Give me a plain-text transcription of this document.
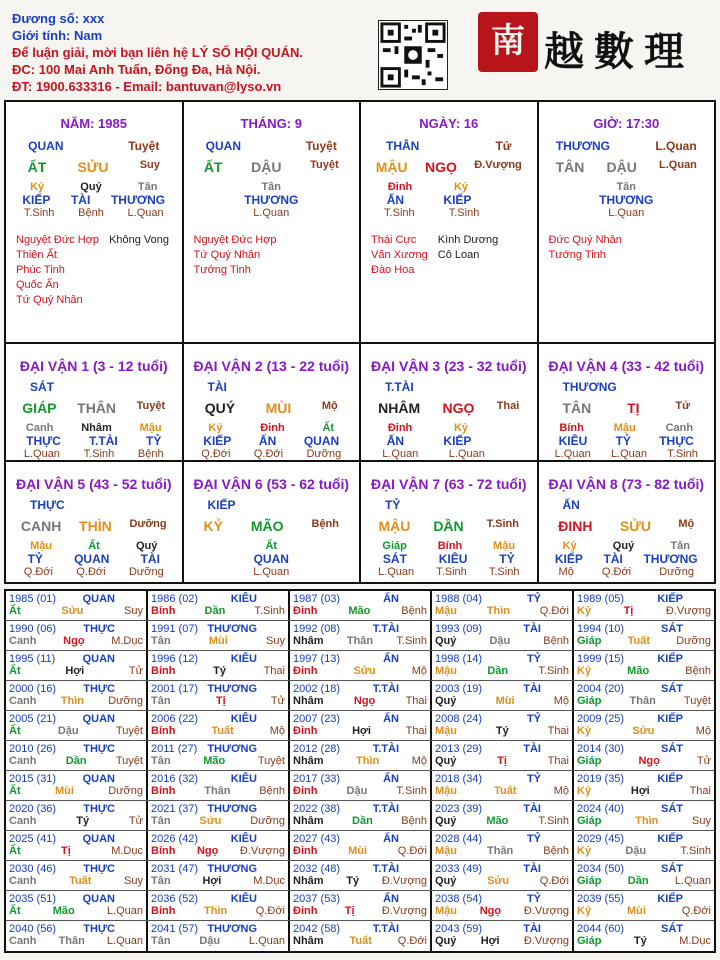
Đương số: xxx
Giới tính: Nam
Để luận giải, mời bạn liên hệ LÝ SỐ HỘI QUÁN.
ĐC: 100 Mai Anh Tuấn, Đống Đa, Hà Nội.
ĐT: 1900.633316 - Email: bantuvan@lyso.vn
南 越數理
NĂM: 1985
QUAN	Tuyệt
ẤT SỬU	Suy
Kỷ	Quý	Tân
KIẾP TÀI THƯƠNG
T.Sinh Bệnh L.Quan
Nguyệt Đức Hợp
Thiên Ất
Phúc Tinh
Quốc Ấn
Tứ Quý Nhân
Không Vong
THÁNG: 9
QUAN	Tuyệt
ẤT DẬU	Tuyệt
Tân
THƯƠNG
L.Quan
Nguyệt Đức Hợp
Tứ Quý Nhân
Tướng Tinh
NGÀY: 16
THÂN	Tử
MẬU NGỌ Đ.Vượng
Đinh	Kỷ
ẤN	KIẾP
T.Sinh	T.Sinh
Thái Cực
Văn Xương
Đào Hoa
Kình Dương
Cô Loan
GIỜ: 17:30
THƯƠNG	L.Quan
TÂN DẬU L.Quan
Tân
THƯƠNG
L.Quan
Đức Quý Nhân
Tướng Tinh
ĐẠI VẬN 1 (3 - 12 tuổi)
SÁT
GIÁP THÂN Tuyệt
Canh	Nhâm	Mậu
THỰC T.TÀI TỶ
L.Quan T.Sinh Bệnh
ĐẠI VẬN 2 (13 - 22 tuổi)
TÀI
QUÝ MÙI	Mộ
Kỷ	Đinh	Ất
KIẾP ẤN QUAN
Q.Đới Q.Đới Dưỡng
ĐẠI VẬN 3 (23 - 32 tuổi)
T.TÀI
NHÂM NGỌ Thai
Đinh	Kỷ
ẤN	KIẾP
L.Quan	L.Quan
ĐẠI VẬN 4 (33 - 42 tuổi)
THƯƠNG
TÂN	TỊ	Tử
Bính	Mậu	Canh
KIÊU TỶ THỰC
L.Quan L.Quan T.Sinh
ĐẠI VẬN 5 (43 - 52 tuổi)
THỰC
CANH THÌN Dưỡng
Mậu	Ất	Quý
TỶ	QUAN	TÀI
Q.Đới Q.Đới Dưỡng
ĐẠI VẬN 6 (53 - 62 tuổi)
KIẾP
KỶ MÃO	Bệnh
Ất
QUAN
L.Quan
ĐẠI VẬN 7 (63 - 72 tuổi)
TỶ
MẬU DẦN T.Sinh
Giáp	Bính	Mậu
SÁT	KIÊU	TỶ
L.Quan T.Sinh T.Sinh
ĐẠI VẬN 8 (73 - 82 tuổi)
ẤN
ĐINH SỬU Mộ
Kỷ	Quý	Tân
KIẾP TÀI THƯƠNG
Mộ	Q.Đới	Dưỡng
1985 (01) QUAN
Ất	Sửu	Suy
1986 (02)	KIÊU
Bính	Dần	T.Sinh
1987 (03)	ẤN
Đinh	Mão	Bệnh
1988 (04)	TỶ
Mậu	Thìn	Q.Đới
1989 (05)	KIẾP
Kỷ	Tị	Đ.Vượng
1990 (06) THỰC
Canh Ngọ M.Dục
1991 (07) THƯƠNG
Tân	Mùi	Suy
1992 (08)	T.TÀI
Nhâm Thân T.Sinh
1993 (09)	TÀI
Quý	Dậu	Bệnh
1994 (10)	SÁT
Giáp Tuất Dưỡng
1995 (11) QUAN
Ất	Hợi	Tử
1996 (12)	KIÊU
Bính	Tý	Thai
1997 (13)	ẤN
Đinh	Sửu	Mộ
1998 (14)	TỶ
Mậu	Dần	T.Sinh
1999 (15)	KIẾP
Kỷ	Mão	Bệnh
2000 (16) THỰC
Canh Thìn Dưỡng
2001 (17) THƯƠNG
Tân	Tị	Tử
2002 (18)	T.TÀI
Nhâm	Ngọ	Thai
2003 (19)	TÀI
Quý	Mùi	Mộ
2004 (20)	SÁT
Giáp	Thân	Tuyệt
2005 (21) QUAN
Ất	Dậu	Tuyệt
2006 (22)	KIÊU
Bính	Tuất	Mộ
2007 (23)	ẤN
Đinh	Hợi	Thai
2008 (24)	TỶ
Mậu	Tý	Thai
2009 (25)	KIẾP
Kỷ	Sửu	Mộ
2010 (26) THỰC
Canh	Dần	Tuyệt
2011 (27) THƯƠNG
Tân	Mão	Tuyệt
2012 (28)	T.TÀI
Nhâm	Thìn	Mộ
2013 (29)	TÀI
Quý	Tị	Thai
2014 (30)	SÁT
Giáp	Ngọ	Tử
2015 (31) QUAN
Ất	Mùi	Dưỡng
2016 (32)	KIÊU
Bính	Thân	Bệnh
2017 (33)	ẤN
Đinh	Dậu	T.Sinh
2018 (34)	TỶ
Mậu	Tuất	Mộ
2019 (35)	KIẾP
Kỷ	Hợi	Thai
2020 (36) THỰC
Canh	Tý	Tử
2021 (37) THƯƠNG
Tân	Sửu	Dưỡng
2022 (38)	T.TÀI
Nhâm	Dần	Bệnh
2023 (39)	TÀI
Quý	Mão	T.Sinh
2024 (40)	SÁT
Giáp	Thìn	Suy
2025 (41) QUAN
Ất	Tị	M.Dục
2026 (42)	KIÊU
Bính Ngọ Đ.Vượng
2027 (43)	ẤN
Đinh	Mùi	Q.Đới
2028 (44)	TỶ
Mậu	Thân	Bệnh
2029 (45)	KIẾP
Kỷ	Dậu	T.Sinh
2030 (46) THỰC
Canh	Tuất	Suy
2031 (47) THƯƠNG
Tân	Hợi	M.Dục
2032 (48)	T.TÀI
Nhâm Tý Đ.Vượng
2033 (49)	TÀI
Quý	Sửu	Q.Đới
2034 (50)	SÁT
Giáp Dần L.Quan
2035 (51) QUAN
Ất	Mão	L.Quan
2036 (52)	KIÊU
Bính	Thìn	Q.Đới
2037 (53)	ẤN
Đinh Tị Đ.Vượng
2038 (54)	TỶ
Mậu Ngọ Đ.Vượng
2039 (55)	KIẾP
Kỷ	Mùi	Q.Đới
2040 (56) THỰC
Canh Thân L.Quan
2041 (57) THƯƠNG
Tân	Dậu	L.Quan
2042 (58)	T.TÀI
Nhâm Tuất Q.Đới
2043 (59)	TÀI
Quý Hợi Đ.Vượng
2044 (60)	SÁT
Giáp	Tý	M.Dục
